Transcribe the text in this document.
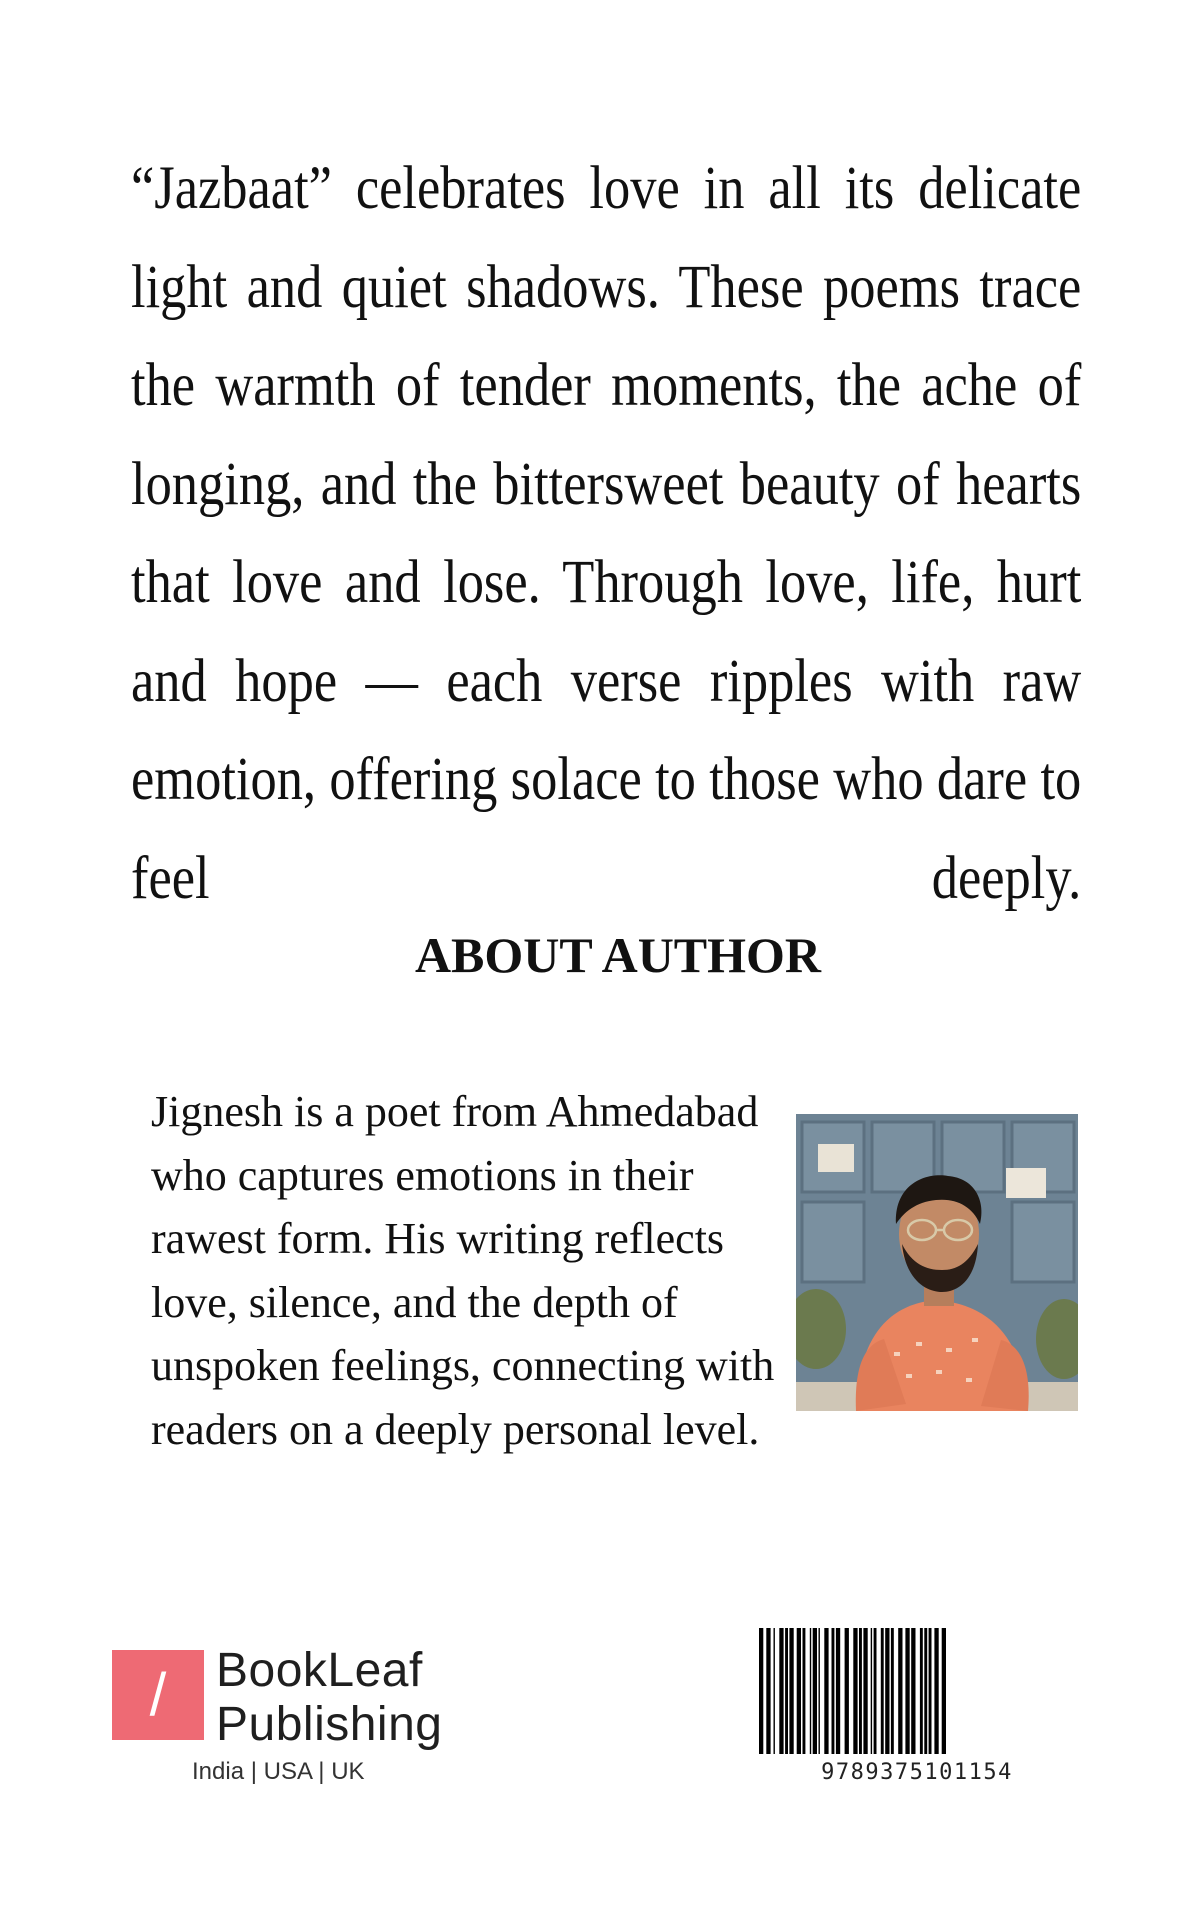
“Jazbaat” celebrates love in all its delicate light and quiet shadows. These poems trace the warmth of tender moments, the ache of longing, and the bittersweet beauty of hearts that love and lose. Through love, life, hurt and hope — each verse ripples with raw emotion, offering solace to those who dare to feel deeply.

ABOUT AUTHOR

Jignesh is a poet from Ahmedabad who captures emotions in their rawest form. His writing reflects love, silence, and the depth of unspoken feelings, connecting with readers on a deeply personal level.

/	BookLeaf
Publishing
India | USA | UK	9789375101154
